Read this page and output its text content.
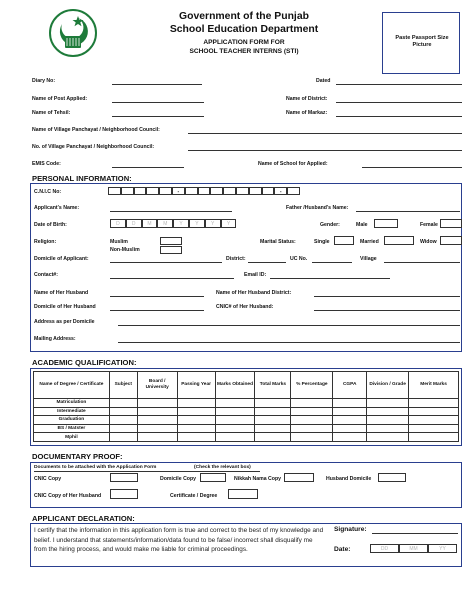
Government of the Punjab
School Education Department
APPLICATION FORM FOR
SCHOOL TEACHER INTERNS (STI)
Paste Passport Size Picture
Diary No:	Dated
Name of Post Applied:	Name of District:
Name of Tehsil:	Name of Markaz:
Name of Village Panchayat / Neighborhood Council:
No. of Village Panchayat / Neighborhood Council:
EMIS Code:	Name of School for Applied:
PERSONAL INFORMATION:
C.N.I.C No:	-	-
Applicant's Name:	Father /Husband's Name:
Date of Birth:	D	D	M	M	Y	Y	Y	Y	Gender:	Male	Female
Religion:	Muslim
Non-Muslim
Marital Status:	Single	Married	Widow
Domicile of Applicant:	District:	UC No.	Village
Contact#:	Email ID:
Name of Her Husband	Name of Her Husband District:
Domicile of Her Husband	CNIC# of Her Husband:
Address as per Domicile
Mailing Address:
ACADEMIC QUALIFICATION:
Name of Degree / Certificate	Subject	Board / University	Passing Year	Marks Obtained	Total Marks	% Percentage	CGPA	Division / Grade	Merit Marks
Matriculation									
Intermediate									
Graduation									
BS / Matster									
Mphil									
DOCUMENTARY PROOF:
Documents to be attached with the Application Form	(Check the relevant box)
CNIC Copy	Domicile Copy	Nikkah Nama Copy	Husband Domicile
CNIC Copy of Her Husband	Certificate / Degree
APPLICANT DECLARATION:
I certify that the information in this application form is true and correct to the best of my knowledge and belief. I understand that statements/information/data found to be false/ incorrect shall disqualify me from the hiring process, and would make me liable for criminal proceedings.
Signature:
Date:	DD	MM	YY
